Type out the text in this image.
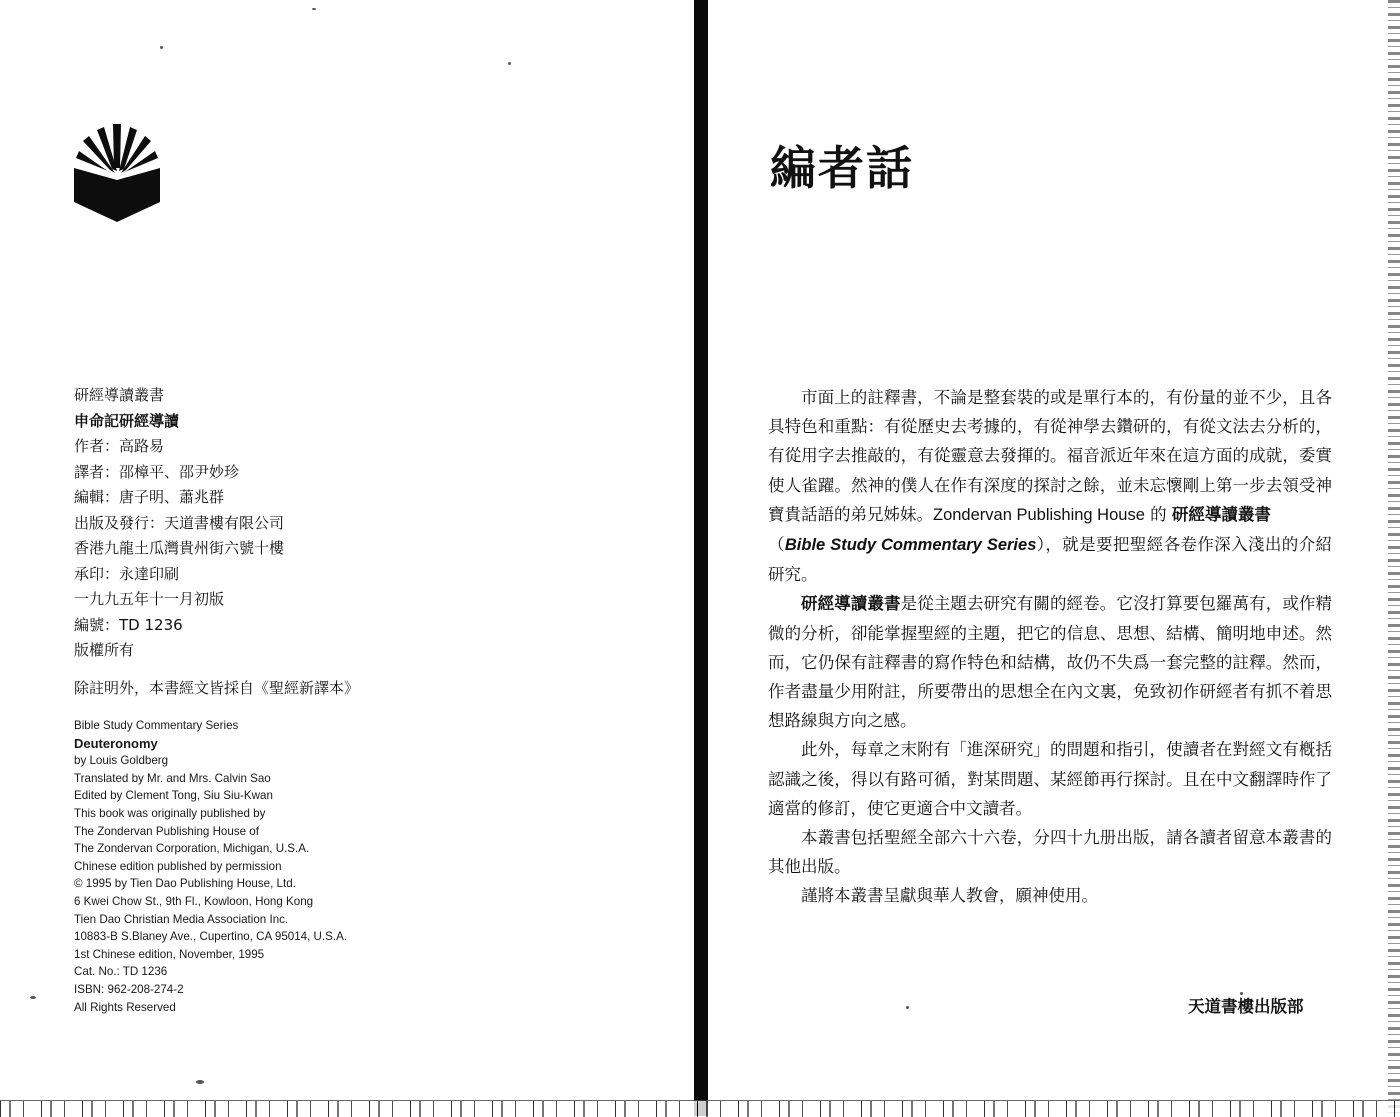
研經導讀叢書
申命記研經導讀
作者：高路易
譯者：邵樟平、邵尹妙珍
編輯：唐子明、蕭兆群
出版及發行：天道書樓有限公司
香港九龍土瓜灣貴州街六號十樓
承印：永達印刷
一九九五年十一月初版
編號：TD 1236
版權所有
除註明外，本書經文皆採自《聖經新譯本》
Bible Study Commentary Series
Deuteronomy
by Louis Goldberg
Translated by Mr. and Mrs. Calvin Sao
Edited by Clement Tong, Siu Siu-Kwan
This book was originally published by
The Zondervan Publishing House of
The Zondervan Corporation, Michigan, U.S.A.
Chinese edition published by permission
© 1995 by Tien Dao Publishing House, Ltd.
6 Kwei Chow St., 9th Fl., Kowloon, Hong Kong
Tien Dao Christian Media Association Inc.
10883-B S.Blaney Ave., Cupertino, CA 95014, U.S.A.
1st Chinese edition, November, 1995
Cat. No.: TD 1236
ISBN: 962-208-274-2
All Rights Reserved
編者話

市面上的註釋書，不論是整套裝的或是單行本的，有份量的並不少，且各具特色和重點：有從歷史去考據的，有從神學去鑽研的，有從文法去分析的，有從用字去推敲的，有從靈意去發揮的。福音派近年來在這方面的成就，委實使人雀躍。然神的僕人在作有深度的探討之餘，並未忘懷剛上第一步去領受神寶貴話語的弟兄姊妹。Zondervan Publishing House 的 研經導讀叢書
（Bible Study Commentary Series），就是要把聖經各卷作深入淺出的介紹研究。

研經導讀叢書是從主題去研究有關的經卷。它沒打算要包羅萬有，或作精微的分析，卻能掌握聖經的主題，把它的信息、思想、結構、簡明地申述。然而，它仍保有註釋書的寫作特色和結構，故仍不失爲一套完整的註釋。然而，作者盡量少用附註，所要帶出的思想全在內文裏，免致初作研經者有抓不着思想路線與方向之感。

此外，每章之末附有「進深研究」的問題和指引，使讀者在對經文有槪括認識之後，得以有路可循，對某問題、某經節再行探討。且在中文翻譯時作了適當的修訂，使它更適合中文讀者。

本叢書包括聖經全部六十六卷，分四十九册出版，請各讀者留意本叢書的其他出版。

謹將本叢書呈獻與華人教會，願神使用。

天道書樓出版部
